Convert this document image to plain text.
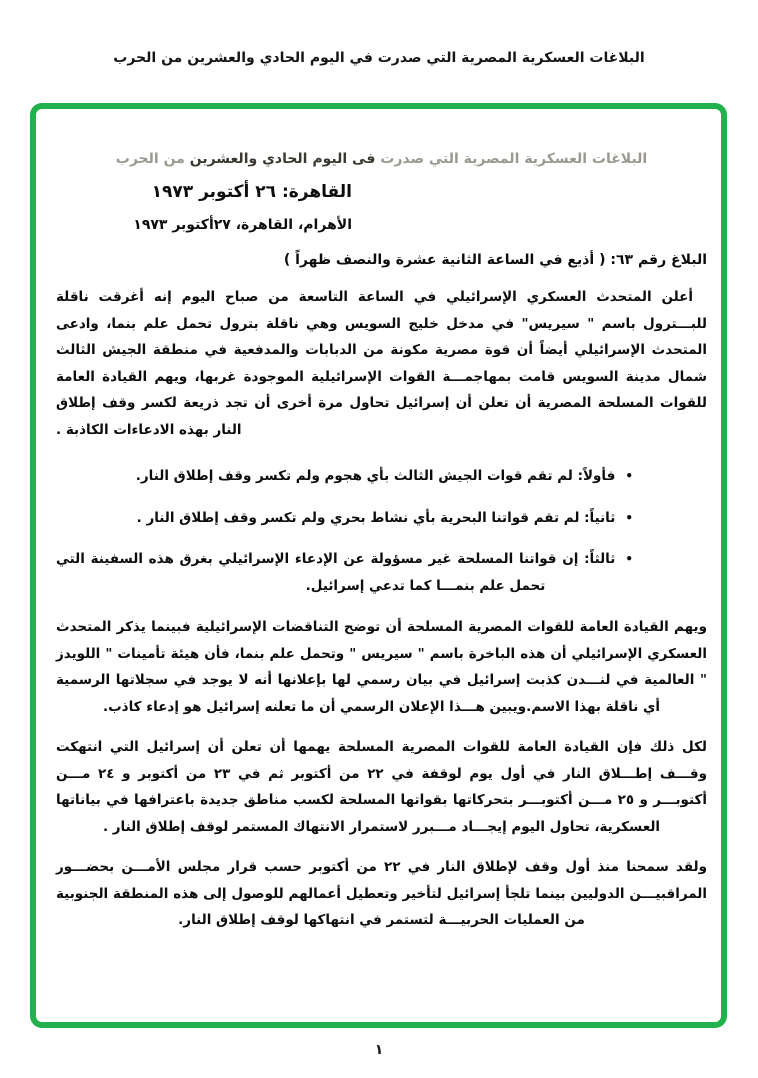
البلاغات العسكرية المصرية التي صدرت في اليوم الحادي والعشرين من الحرب
البلاغات العسكرية المصرية التي صدرت فى اليوم الحادي والعشرين من الحرب
القاهرة: ٢٦ أكتوبر ١٩٧٣
الأهرام، القاهرة، ٢٧أكتوبر ١٩٧٣
البلاغ رقم ٦٣: ( أذيع في الساعة الثانية عشرة والنصف ظهراً )

أعلن المتحدث العسكري الإسرائيلي في الساعة التاسعة من صباح اليوم إنه أغرقت ناقلة للبـــترول باسم " سيريس" في مدخل خليج السويس وهي ناقلة بترول تحمل علم بنما، وادعى المتحدث الإسرائيلي أيضاً أن قوة مصرية مكونة من الدبابات والمدفعية في منطقة الجيش الثالث شمال مدينة السويس قامت بمهاجمـــة القوات الإسرائيلية الموجودة غربها، ويهم القيادة العامة للقوات المسلحة المصرية أن تعلن أن إسرائيل تحاول مرة أخرى أن تجد ذريعة لكسر وقف إطلاق النار بهذه الادعاءات الكاذبة .

•
فأولاً: لم تقم قوات الجيش الثالث بأي هجوم ولم تكسر وقف إطلاق النار.
•
ثانياً: لم تقم قواتنا البحرية بأي نشاط بحري ولم تكسر وقف إطلاق النار .
•
ثالثاً: إن قواتنا المسلحة غير مسؤولة عن الإدعاء الإسرائيلي بغرق هذه السفينة التي تحمل علم بنمـــا كما تدعي إسرائيل.

ويهم القيادة العامة للقوات المصرية المسلحة أن توضح التناقضات الإسرائيلية فبينما يذكر المتحدث العسكري الإسرائيلي أن هذه الباخرة باسم " سيريس " وتحمل علم بنما، فأن هيئة تأمينات " اللويدز " العالمية في لنـــدن كذبت إسرائيل في بيان رسمي لها بإعلانها أنه لا يوجد في سجلاتها الرسمية أي ناقلة بهذا الاسم.ويبين هـــذا الإعلان الرسمي أن ما تعلنه إسرائيل هو إدعاء كاذب.

لكل ذلك فإن القيادة العامة للقوات المصرية المسلحة يهمها أن تعلن أن إسرائيل التي انتهكت وقـــف إطـــلاق النار في أول يوم لوقفة في ٢٢ من أكتوبر ثم في ٢٣ من أكتوبر و ٢٤ مـــن أكتوبـــر و ٢٥ مـــن أكتوبـــر بتحركاتها بقواتها المسلحة لكسب مناطق جديدة باعترافها في بياناتها العسكرية، تحاول اليوم إيجـــاد مـــبرر لاستمرار الانتهاك المستمر لوقف إطلاق النار .

ولقد سمحنا منذ أول وقف لإطلاق النار في ٢٢ من أكتوبر حسب قرار مجلس الأمـــن بحضـــور المراقبيـــن الدوليين بينما تلجأ إسرائيل لتأخير وتعطيل أعمالهم للوصول إلى هذه المنطقة الجنوبية من العمليات الحربيـــة لتستمر في انتهاكها لوقف إطلاق النار.

١
